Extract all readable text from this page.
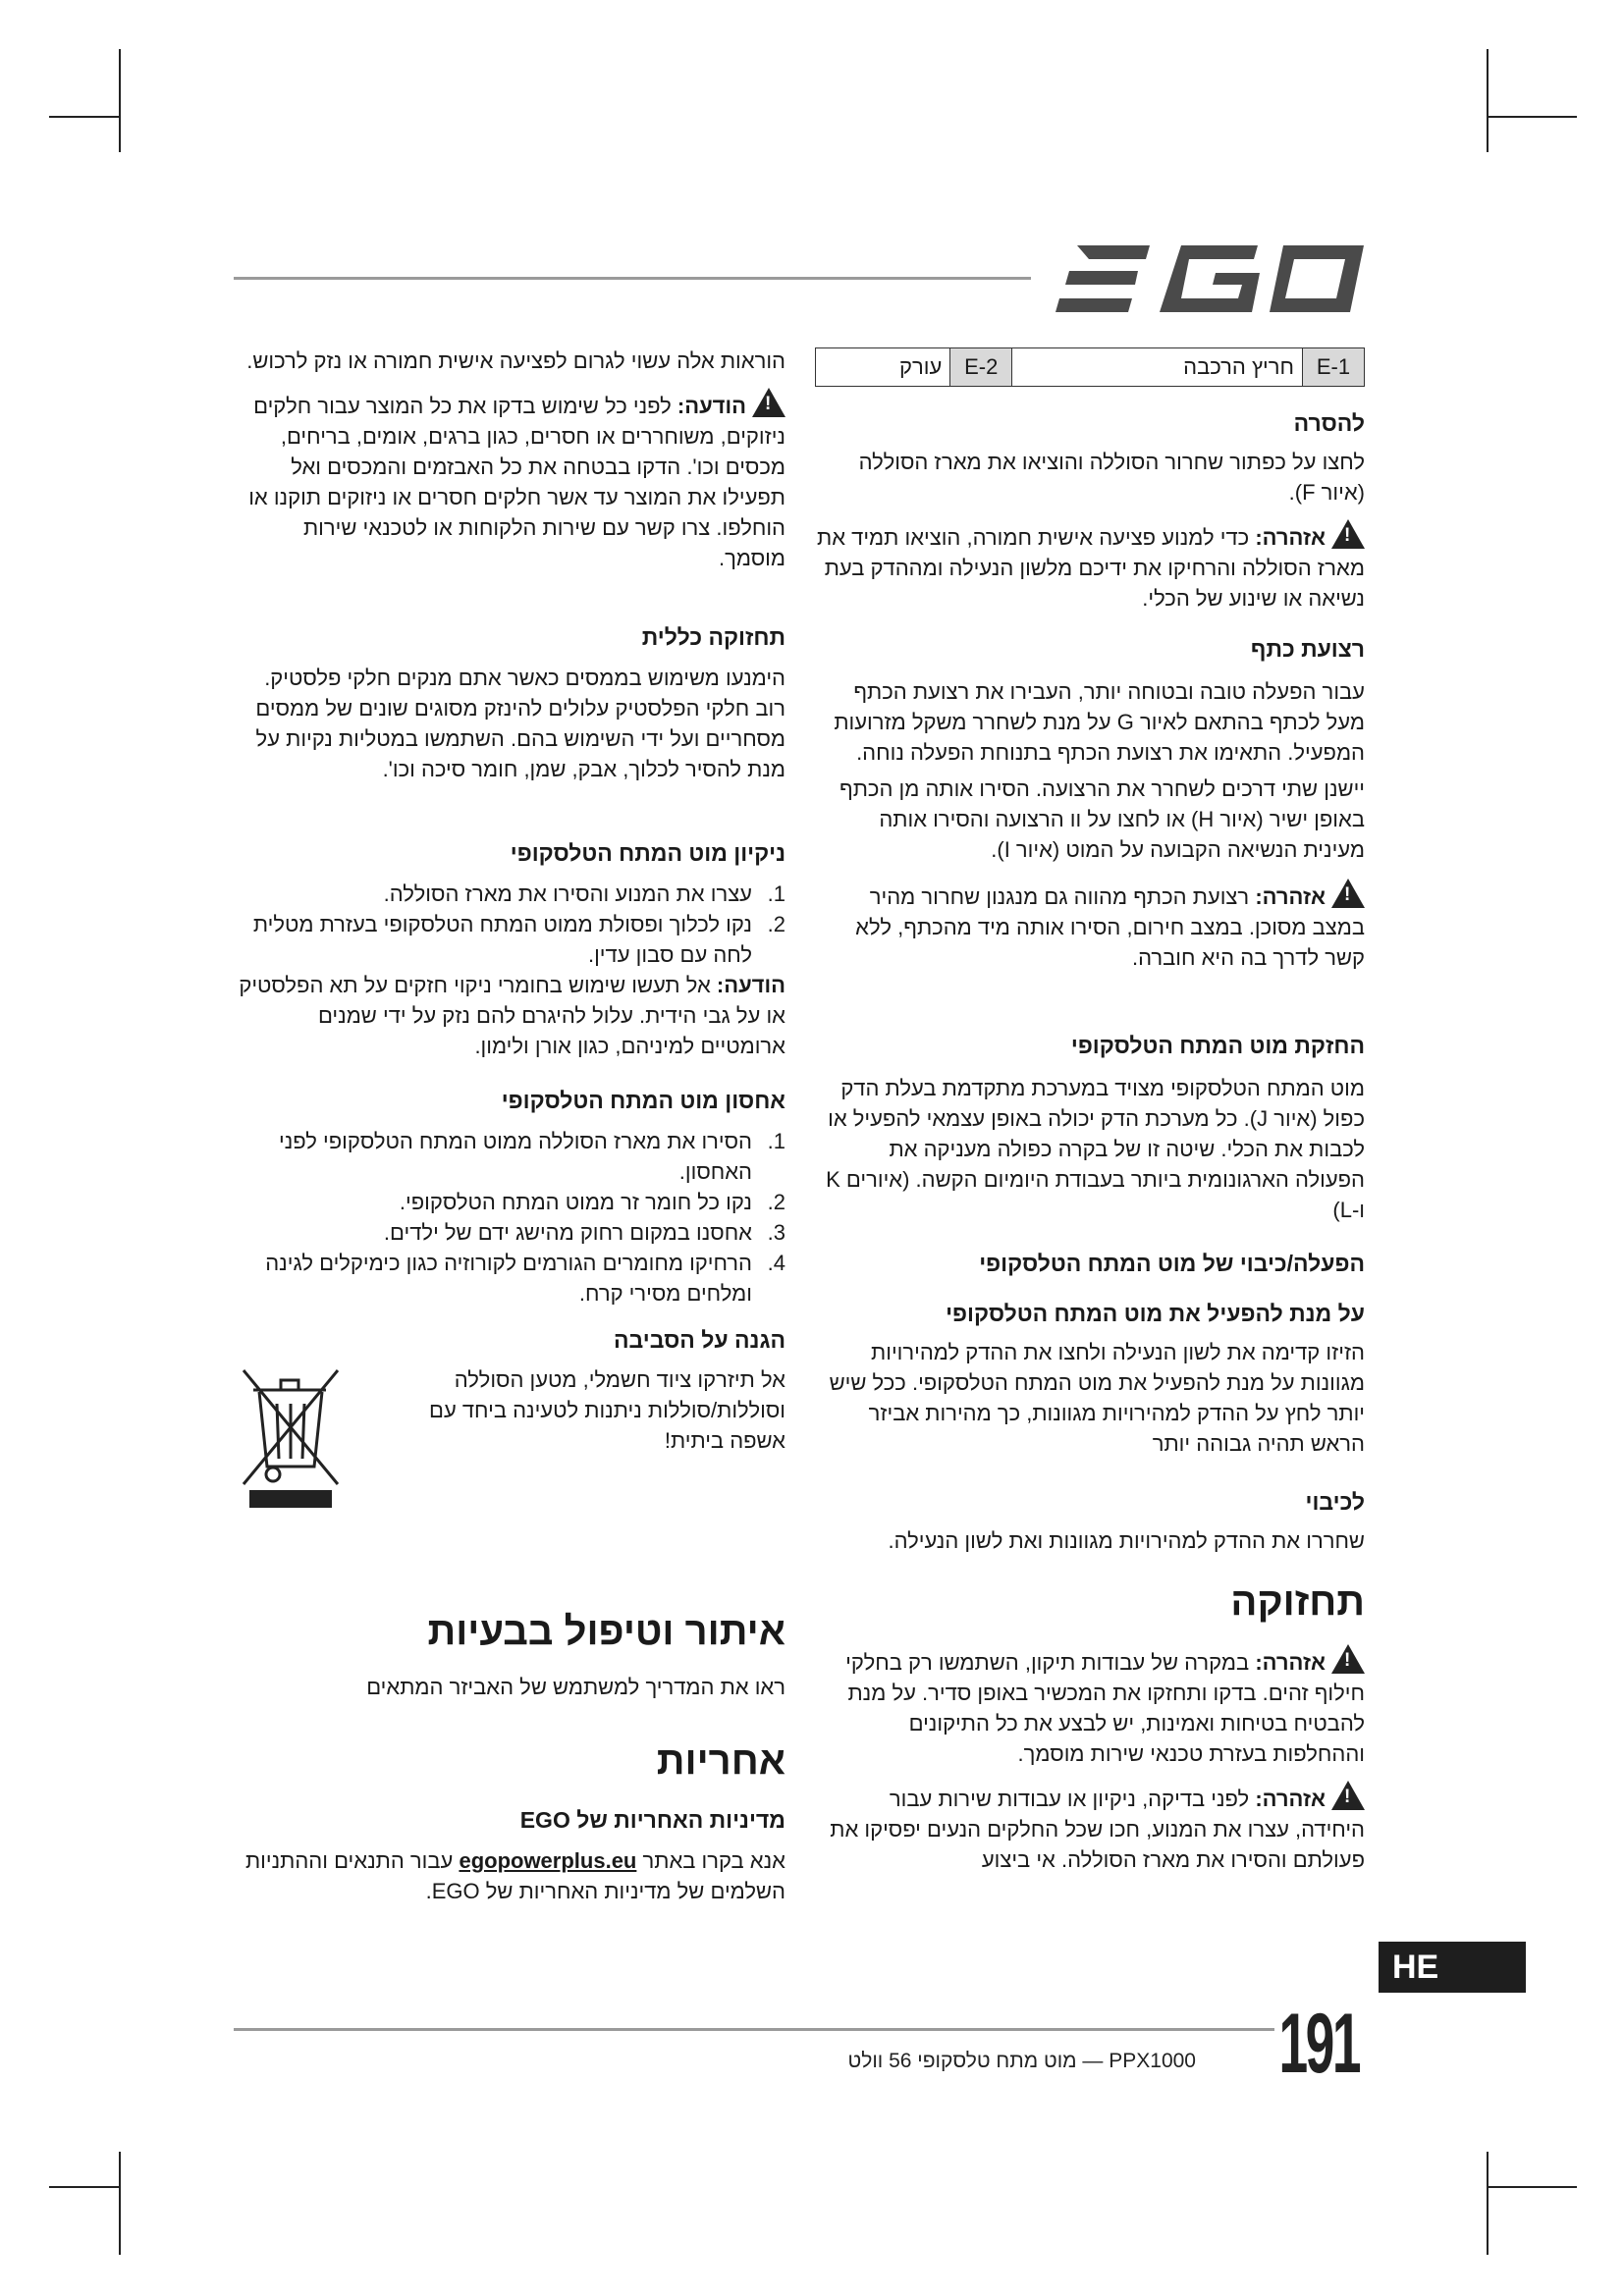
E-1	חריץ הרכבה	E-2	עורק

להסרה

לחצו על כפתור שחרור הסוללה והוציאו את מארז הסוללה (איור F).

!אזהרה: כדי למנוע פציעה אישית חמורה, הוציאו תמיד את מארז הסוללה והרחיקו את ידיכם מלשון הנעילה ומההדק בעת נשיאה או שינוע של הכלי.

רצועת כתף

עבור הפעלה טובה ובטוחה יותר, העבירו את רצועת הכתף מעל לכתף בהתאם לאיור G על מנת לשחרר משקל מזרועות המפעיל. התאימו את רצועת הכתף בתנוחת הפעלה נוחה.

יישנן שתי דרכים לשחרר את הרצועה. הסירו אותה מן הכתף באופן ישיר (איור H) או לחצו על וו הרצועה והסירו אותה מעינית הנשיאה הקבועה על המוט (איור I).

!אזהרה: רצועת הכתף מהווה גם מנגנון שחרור מהיר במצב מסוכן. במצב חירום, הסירו אותה מיד מהכתף, ללא קשר לדרך בה היא חוברה.

החזקת מוט המתח הטלסקופי

מוט המתח הטלסקופי מצויד במערכת מתקדמת בעלת הדק כפול (איור J). כל מערכת הדק יכולה באופן עצמאי להפעיל או לכבות את הכלי. שיטה זו של בקרה כפולה מעניקה את הפעולה הארגונומית ביותר בעבודת היומיום הקשה. (איורים K ו-L)

הפעלה/כיבוי של מוט המתח הטלסקופי

על מנת להפעיל את מוט המתח הטלסקופי

הזיזו קדימה את לשון הנעילה ולחצו את ההדק למהירויות מגוונות על מנת להפעיל את מוט המתח הטלסקופי. ככל שיש יותר לחץ על ההדק למהירויות מגוונות, כך מהירות אביזר הראש תהיה גבוהה יותר

לכיבוי

שחררו את ההדק למהירויות מגוונות ואת לשון הנעילה.

תחזוקה

!אזהרה: במקרה של עבודות תיקון, השתמשו רק בחלקי חילוף זהים. בדקו ותחזקו את המכשיר באופן סדיר. על מנת להבטיח בטיחות ואמינות, יש לבצע את כל התיקונים וההחלפות בעזרת טכנאי שירות מוסמך.

!אזהרה: לפני בדיקה, ניקיון או עבודות שירות עבור היחידה, עצרו את המנוע, חכו שכל החלקים הנעים יפסיקו את פעולתם והסירו את מארז הסוללה. אי ביצוע

הוראות אלה עשוי לגרום לפציעה אישית חמורה או נזק לרכוש.

!הודעה: לפני כל שימוש בדקו את כל המוצר עבור חלקים ניזוקים, משוחררים או חסרים, כגון ברגים, אומים, בריחים, מכסים וכו'. הדקו בבטחה את כל האבזמים והמכסים ואל תפעילו את המוצר עד אשר חלקים חסרים או ניזוקים תוקנו או הוחלפו. צרו קשר עם שירות הלקוחות או לטכנאי שירות מוסמך.

תחזוקה כללית

הימנעו משימוש בממסים כאשר אתם מנקים חלקי פלסטיק. רוב חלקי הפלסטיק עלולים להינזק מסוגים שונים של ממסים מסחריים ועל ידי השימוש בהם. השתמשו במטליות נקיות על מנת להסיר לכלוך, אבק, שמן, חומר סיכה וכו'.

ניקיון מוט המתח הטלסקופי

1.
עצרו את המנוע והסירו את מארז הסוללה.
2.
נקו לכלוך ופסולת ממוט המתח הטלסקופי בעזרת מטלית לחה עם סבון עדין.

הודעה: אל תעשו שימוש בחומרי ניקוי חזקים על תא הפלסטיק או על גבי הידית. עלול להיגרם להם נזק על ידי שמנים ארומטיים למיניהם, כגון אורן ולימון.

אחסון מוט המתח הטלסקופי

1.
הסירו את מארז הסוללה ממוט המתח הטלסקופי לפני האחסון.
2.
נקו כל חומר זר ממוט המתח הטלסקופי.
3.
אחסנו במקום רחוק מהישג ידם של ילדים.
4.
הרחיקו מחומרים הגורמים לקורוזיה כגון כימיקלים לגינה ומלחים מסירי קרח.

הגנה על הסביבה

אל תיזרקו ציוד חשמלי, מטען הסוללה וסוללות/סוללות ניתנות לטעינה ביחד עם אשפה ביתית!

איתור וטיפול בבעיות

ראו את המדריך למשתמש של האביזר המתאים

אחריות

מדיניות האחריות של EGO

אנא בקרו באתר egopowerplus.eu עבור התנאים וההתניות השלמים של מדיניות האחריות של EGO.

HE
PPX1000 — מוט מתח טלסקופי 56 וולט 191
